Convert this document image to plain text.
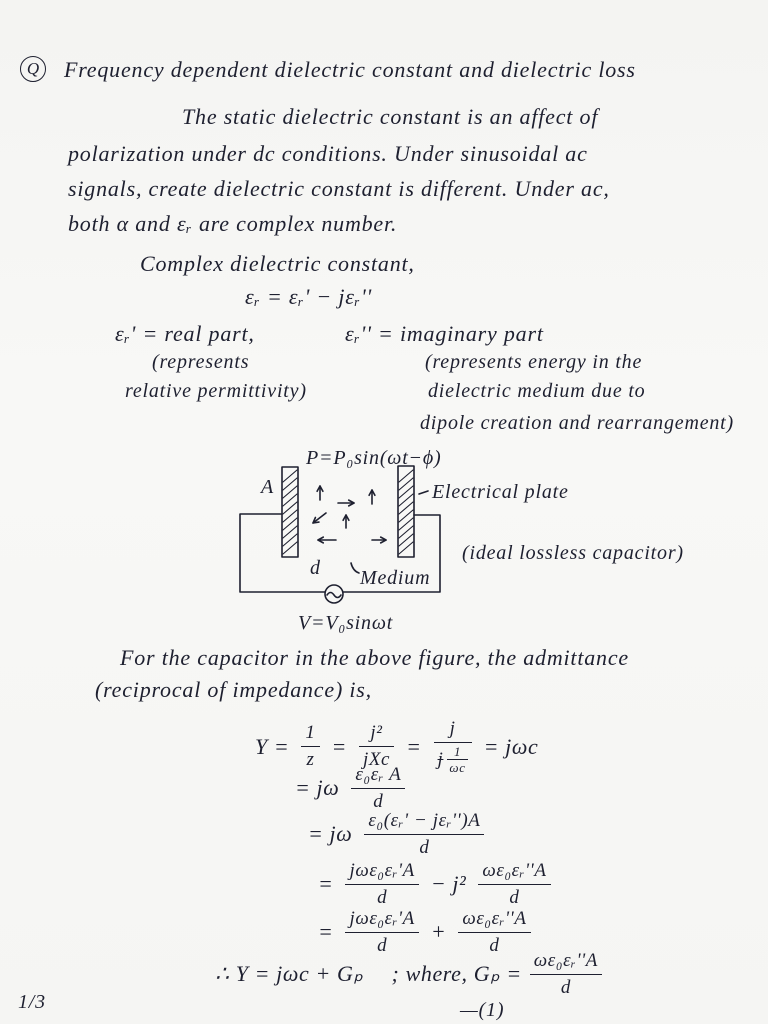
Q	Frequency dependent dielectric constant and dielectric loss
The static dielectric constant is an affect of
polarization under dc conditions. Under sinusoidal ac
signals, create dielectric constant is different. Under ac,
both α and εᵣ are complex number.
Complex dielectric constant,
εᵣ = εᵣ' − jεᵣ''
εᵣ' = real part,	εᵣ'' = imaginary part
(represents
relative permittivity)
(represents energy in the
dielectric medium due to
dipole creation and rearrangement)
P=P₀sin(ωt−ϕ)
A	Electrical plate
(ideal lossless capacitor)
d Medium
V=V₀sinωt
For the capacitor in the above figure, the admittance
(reciprocal of impedance) is,
$Y = \frac{1}{z} = \frac{\text{j²}}{\text{jXc}} = \frac{j}{j \frac{1}{\omega c}} = j\omega c$
= jω $\frac{\text{ε₀εᵣ A}}{d}$
= jω $\frac{\text{ε₀(εᵣ' − jεᵣ'')A}}{d}$
= $\frac{\text{jωε₀εᵣ'A}}{d} - j^2 \frac{\text{ωε₀εᵣ''A}}{d}$
= $\frac{\text{jωε₀εᵣ'A}}{d} + \frac{\text{ωε₀εᵣ''A}}{d}$
∴ Y = jωc + Gₚ ; where, $G_p = \frac{\text{ωε₀εᵣ''A}}{d}$
—(1)
1/3
